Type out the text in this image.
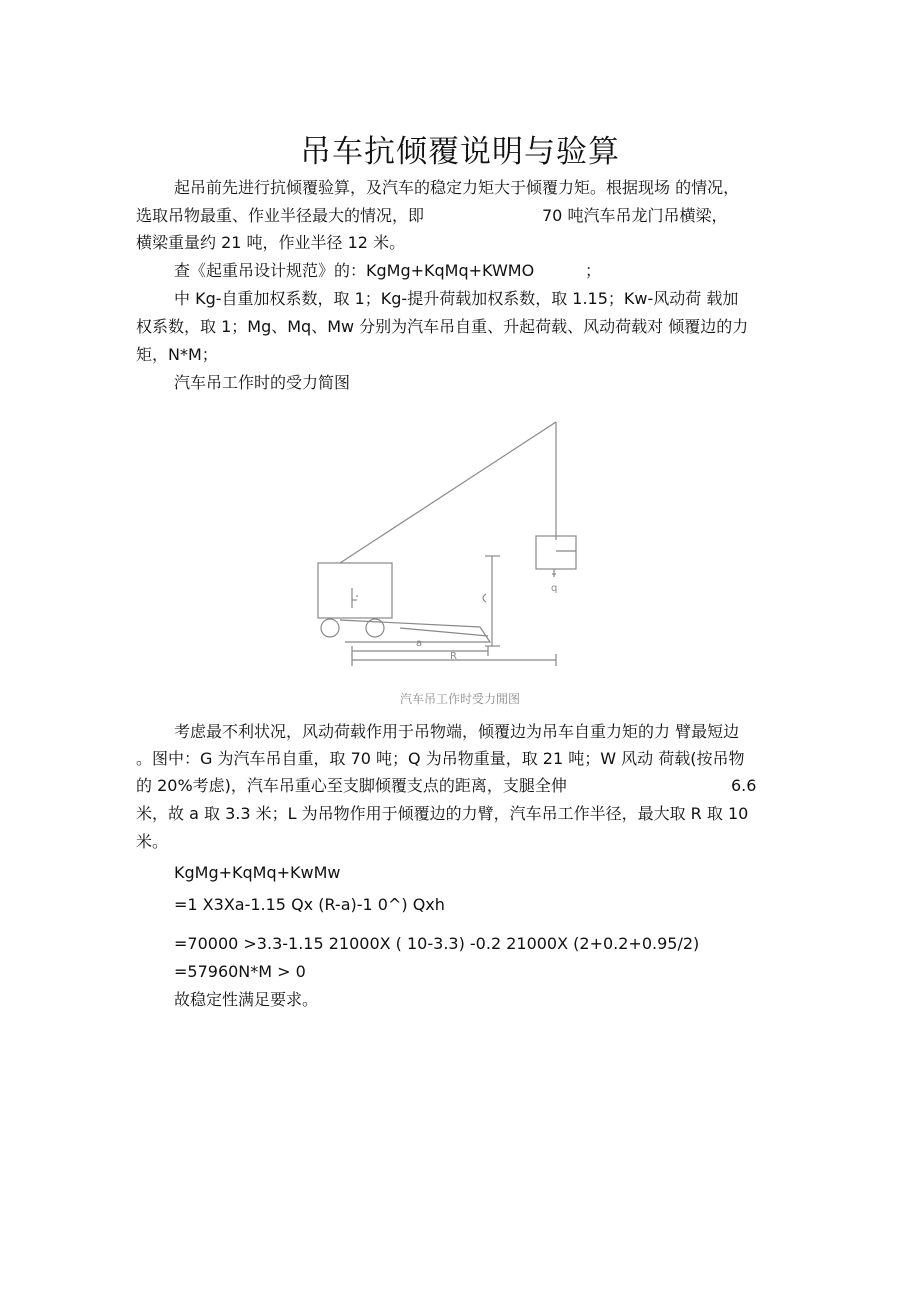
吊车抗倾覆说明与验算
起吊前先进行抗倾覆验算，及汽车的稳定力矩大于倾覆力矩。根据现场 的情况，
选取吊物最重、作业半径最大的情况，即	70 吨汽车吊龙门吊横梁，
横梁重量约 21 吨，作业半径 12 米。
查《起重吊设计规范》的：KgMg+KqMq+KWMO	；
中 Kg-自重加权系数，取 1；Kg-提升荷载加权系数，取 1.15；Kw-风动荷 载加
权系数，取 1；Mg、Mq、Mw 分别为汽车吊自重、升起荷载、风动荷载对 倾覆边的力
矩，N*M；
汽车吊工作时的受力简图
q
a
R
汽车吊工作时受力閒图
考虑最不利状况，风动荷载作用于吊物端，倾覆边为吊车自重力矩的力 臂最短边
。图中：G 为汽车吊自重，取 70 吨；Q 为吊物重量，取 21 吨；W 风动 荷载(按吊物
的 20%考虑)，汽车吊重心至支脚倾覆支点的距离，支腿全伸	6.6
米，故 a 取 3.3 米；L 为吊物作用于倾覆边的力臂，汽车吊工作半径，最大取 R 取 10
米。
KgMg+KqMq+KwMw
=1 X3Xa-1.15 Qx (R-a)-1 0^) Qxh
=70000 >3.3-1.15 21000X ( 10-3.3) -0.2 21000X (2+0.2+0.95/2)
=57960N*M > 0
故稳定性满足要求。
